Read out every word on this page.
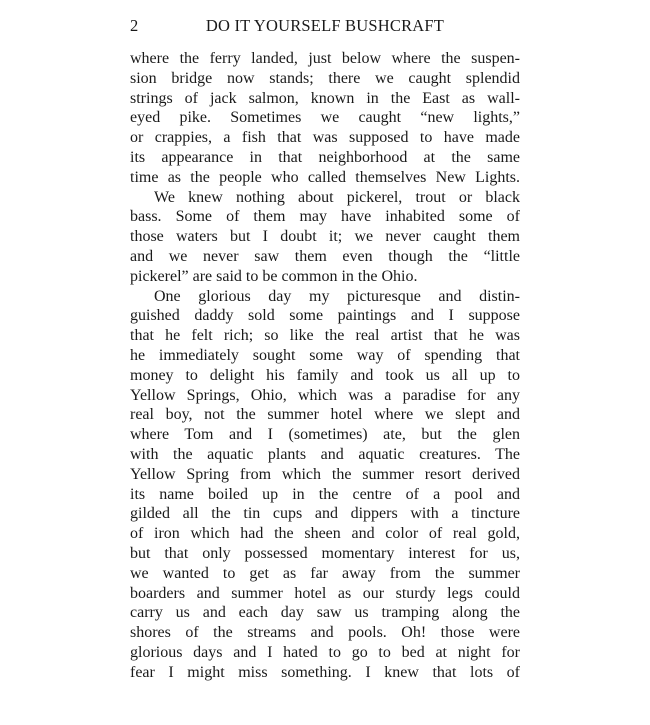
2	DO IT YOURSELF BUSHCRAFT
where the ferry landed, just below where the suspen-
sion bridge now stands; there we caught splendid
strings of jack salmon, known in the East as wall-
eyed pike. Sometimes we caught “new lights,”
or crappies, a fish that was supposed to have made
its appearance in that neighborhood at the same
time as the people who called themselves New Lights.
We knew nothing about pickerel, trout or black
bass. Some of them may have inhabited some of
those waters but I doubt it; we never caught them
and we never saw them even though the “little
pickerel” are said to be common in the Ohio.
One glorious day my picturesque and distin-
guished daddy sold some paintings and I suppose
that he felt rich; so like the real artist that he was
he immediately sought some way of spending that
money to delight his family and took us all up to
Yellow Springs, Ohio, which was a paradise for any
real boy, not the summer hotel where we slept and
where Tom and I (sometimes) ate, but the glen
with the aquatic plants and aquatic creatures. The
Yellow Spring from which the summer resort derived
its name boiled up in the centre of a pool and
gilded all the tin cups and dippers with a tincture
of iron which had the sheen and color of real gold,
but that only possessed momentary interest for us,
we wanted to get as far away from the summer
boarders and summer hotel as our sturdy legs could
carry us and each day saw us tramping along the
shores of the streams and pools. Oh! those were
glorious days and I hated to go to bed at night for
fear I might miss something. I knew that lots of
